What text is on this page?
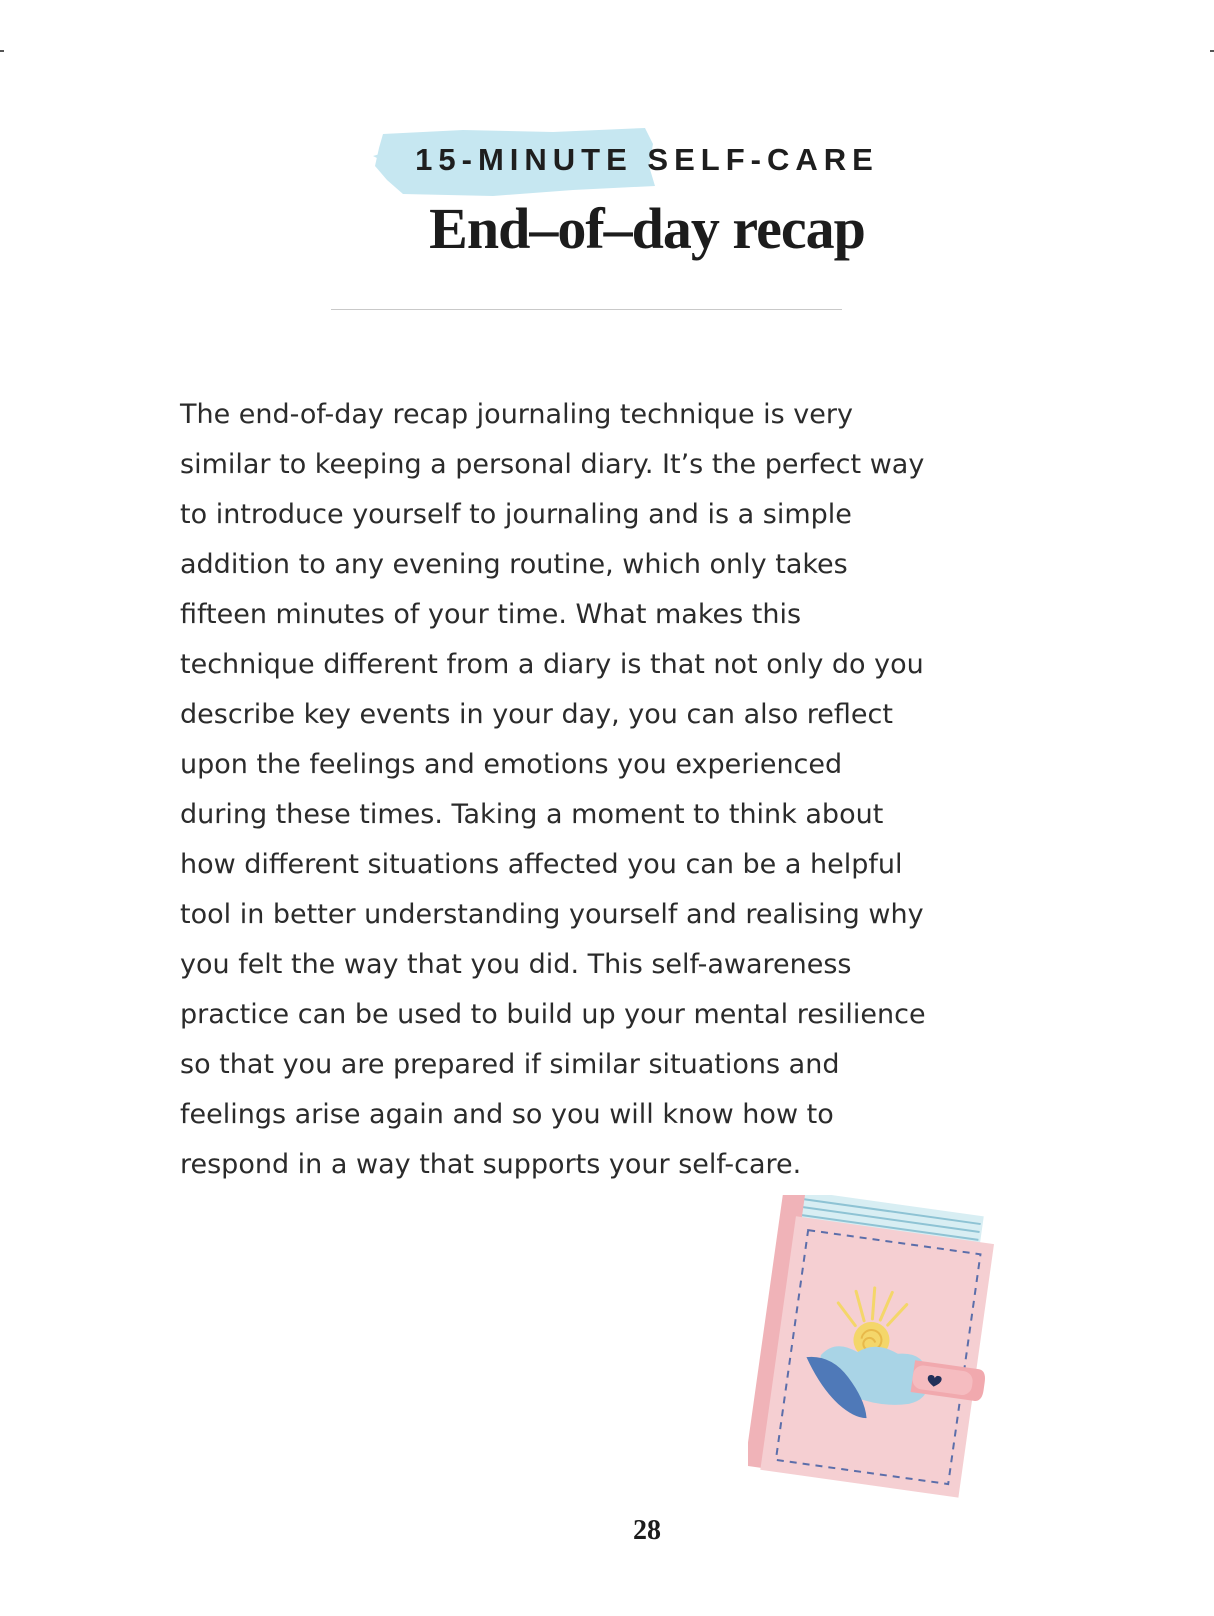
15-MINUTE SELF-CARE

End–of–day recap

The end-of-day recap journaling technique is very
similar to keeping a personal diary. It’s the perfect way
to introduce yourself to journaling and is a simple
addition to any evening routine, which only takes
fifteen minutes of your time. What makes this
technique different from a diary is that not only do you
describe key events in your day, you can also reflect
upon the feelings and emotions you experienced
during these times. Taking a moment to think about
how different situations affected you can be a helpful
tool in better understanding yourself and realising why
you felt the way that you did. This self-awareness
practice can be used to build up your mental resilience
so that you are prepared if similar situations and
feelings arise again and so you will know how to
respond in a way that supports your self-care.

28
